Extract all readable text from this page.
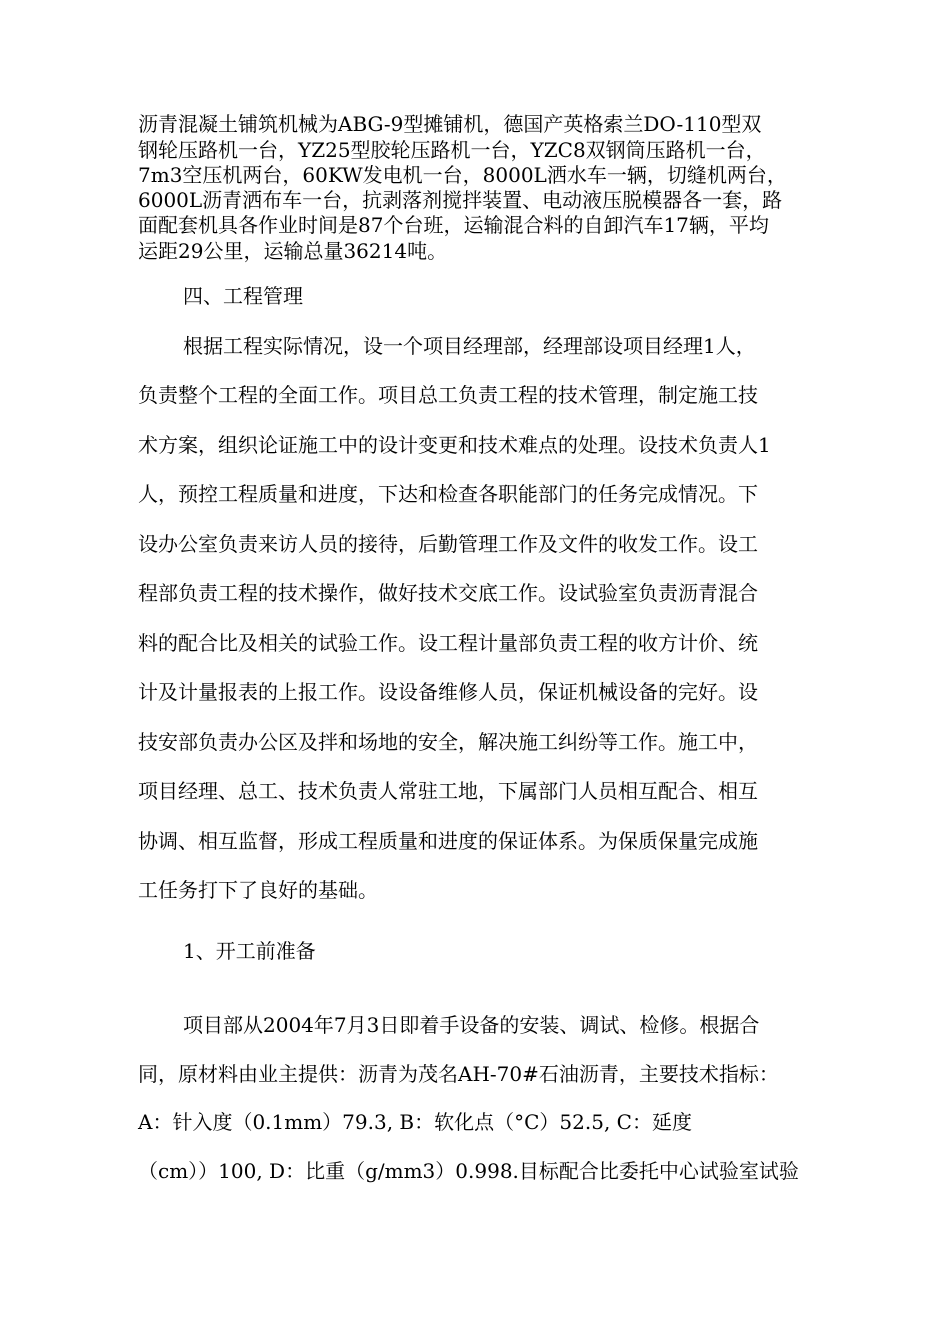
沥青混凝土铺筑机械为ABG-9型摊铺机，德国产英格索兰DO-110型双
钢轮压路机一台，YZ25型胶轮压路机一台，YZC8双钢筒压路机一台，
7m3空压机两台，60KW发电机一台，8000L洒水车一辆，切缝机两台，
6000L沥青洒布车一台，抗剥落剂搅拌装置、电动液压脱模器各一套，路
面配套机具各作业时间是87个台班，运输混合料的自卸汽车17辆，平均
运距29公里，运输总量36214吨。
四、工程管理
根据工程实际情况，设一个项目经理部，经理部设项目经理1人，
负责整个工程的全面工作。项目总工负责工程的技术管理，制定施工技
术方案，组织论证施工中的设计变更和技术难点的处理。设技术负责人1
人，预控工程质量和进度，下达和检查各职能部门的任务完成情况。下
设办公室负责来访人员的接待，后勤管理工作及文件的收发工作。设工
程部负责工程的技术操作，做好技术交底工作。设试验室负责沥青混合
料的配合比及相关的试验工作。设工程计量部负责工程的收方计价、统
计及计量报表的上报工作。设设备维修人员，保证机械设备的完好。设
技安部负责办公区及拌和场地的安全，解决施工纠纷等工作。施工中，
项目经理、总工、技术负责人常驻工地，下属部门人员相互配合、相互
协调、相互监督，形成工程质量和进度的保证体系。为保质保量完成施
工任务打下了良好的基础。
1、开工前准备
项目部从2004年7月3日即着手设备的安装、调试、检修。根据合
同，原材料由业主提供：沥青为茂名AH-70#石油沥青，主要技术指标：
A：针入度（0.1mm）79.3, B：软化点（°C）52.5, C：延度
（cm））100, D：比重（g/mm3）0.998.目标配合比委托中心试验室试验
